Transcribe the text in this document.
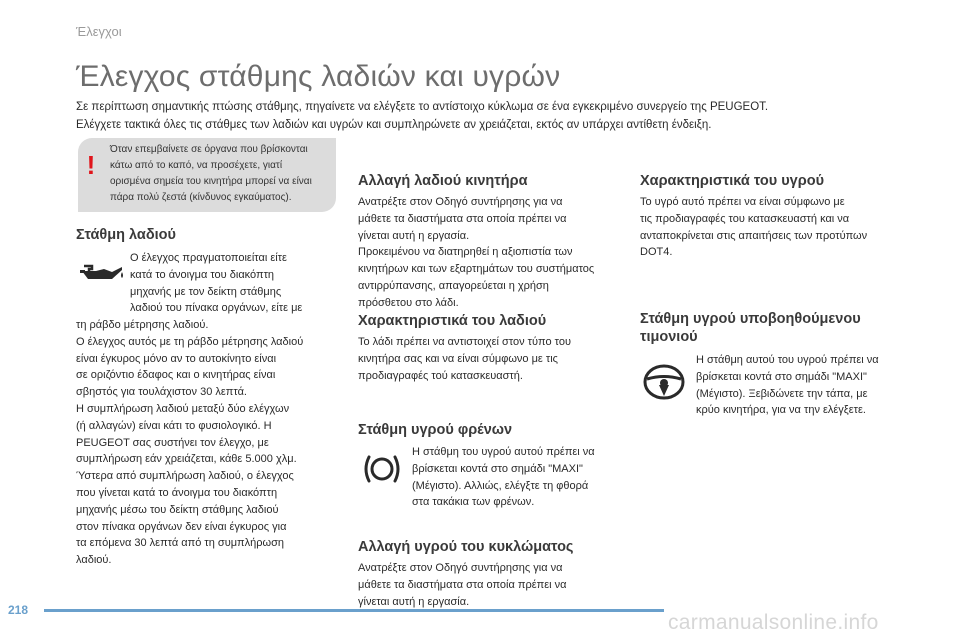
Έλεγχοι
Έλεγχος στάθμης λαδιών και υγρών
Σε περίπτωση σημαντικής πτώσης στάθμης, πηγαίνετε να ελέγξετε το αντίστοιχο κύκλωμα σε ένα εγκεκριμένο συνεργείο της PEUGEOT.
Ελέγχετε τακτικά όλες τις στάθμες των λαδιών και υγρών και συμπληρώνετε αν χρειάζεται, εκτός αν υπάρχει αντίθετη ένδειξη.
!
Όταν επεμβαίνετε σε όργανα που βρίσκονται
κάτω από το καπό, να προσέχετε, γιατί
ορισμένα σημεία του κινητήρα μπορεί να είναι
πάρα πολύ ζεστά (κίνδυνος εγκαύματος).
Στάθμη λαδιού
Ο έλεγχος πραγματοποιείται είτε
κατά το άνοιγμα του διακόπτη
μηχανής με τον δείκτη στάθμης
λαδιού του πίνακα οργάνων, είτε με
τη ράβδο μέτρησης λαδιού.
Ο έλεγχος αυτός με τη ράβδο μέτρησης λαδιού
είναι έγκυρος μόνο αν το αυτοκίνητο είναι
σε οριζόντιο έδαφος και ο κινητήρας είναι
σβηστός για τουλάχιστον 30 λεπτά.
Η συμπλήρωση λαδιού μεταξύ δύο ελέγχων
(ή αλλαγών) είναι κάτι το φυσιολογικό. Η
PEUGEOT σας συστήνει τον έλεγχο, με
συμπλήρωση εάν χρειάζεται, κάθε 5.000 χλμ.
Ύστερα από συμπλήρωση λαδιού, ο έλεγχος
που γίνεται κατά το άνοιγμα του διακόπτη
μηχανής μέσω του δείκτη στάθμης λαδιού
στον πίνακα οργάνων δεν είναι έγκυρος για
τα επόμενα 30 λεπτά από τη συμπλήρωση
λαδιού.
Αλλαγή λαδιού κινητήρα
Ανατρέξτε στον Οδηγό συντήρησης για να
μάθετε τα διαστήματα στα οποία πρέπει να
γίνεται αυτή η εργασία.
Προκειμένου να διατηρηθεί η αξιοπιστία των
κινητήρων και των εξαρτημάτων του συστήματος
αντιρρύπανσης, απαγορεύεται η χρήση
πρόσθετου στο λάδι.
Χαρακτηριστικά του λαδιού
Το λάδι πρέπει να αντιστοιχεί στον τύπο του
κινητήρα σας και να είναι σύμφωνο με τις
προδιαγραφές τού κατασκευαστή.
Στάθμη υγρού φρένων
Η στάθμη του υγρού αυτού πρέπει να
βρίσκεται κοντά στο σημάδι "MAXI"
(Μέγιστο). Αλλιώς, ελέγξτε τη φθορά
στα τακάκια των φρένων.
Αλλαγή υγρού του κυκλώματος
Ανατρέξτε στον Οδηγό συντήρησης για να
μάθετε τα διαστήματα στα οποία πρέπει να
γίνεται αυτή η εργασία.
Χαρακτηριστικά του υγρού
Το υγρό αυτό πρέπει να είναι σύμφωνο με
τις προδιαγραφές του κατασκευαστή και να
ανταποκρίνεται στις απαιτήσεις των προτύπων
DOT4.
Στάθμη υγρού υποβοηθούμενου
τιμονιού
Η στάθμη αυτού του υγρού πρέπει να
βρίσκεται κοντά στο σημάδι "MAXI"
(Μέγιστο). Ξεβιδώνετε την τάπα, με
κρύο κινητήρα, για να την ελέγξετε.
218
carmanualsonline.info
